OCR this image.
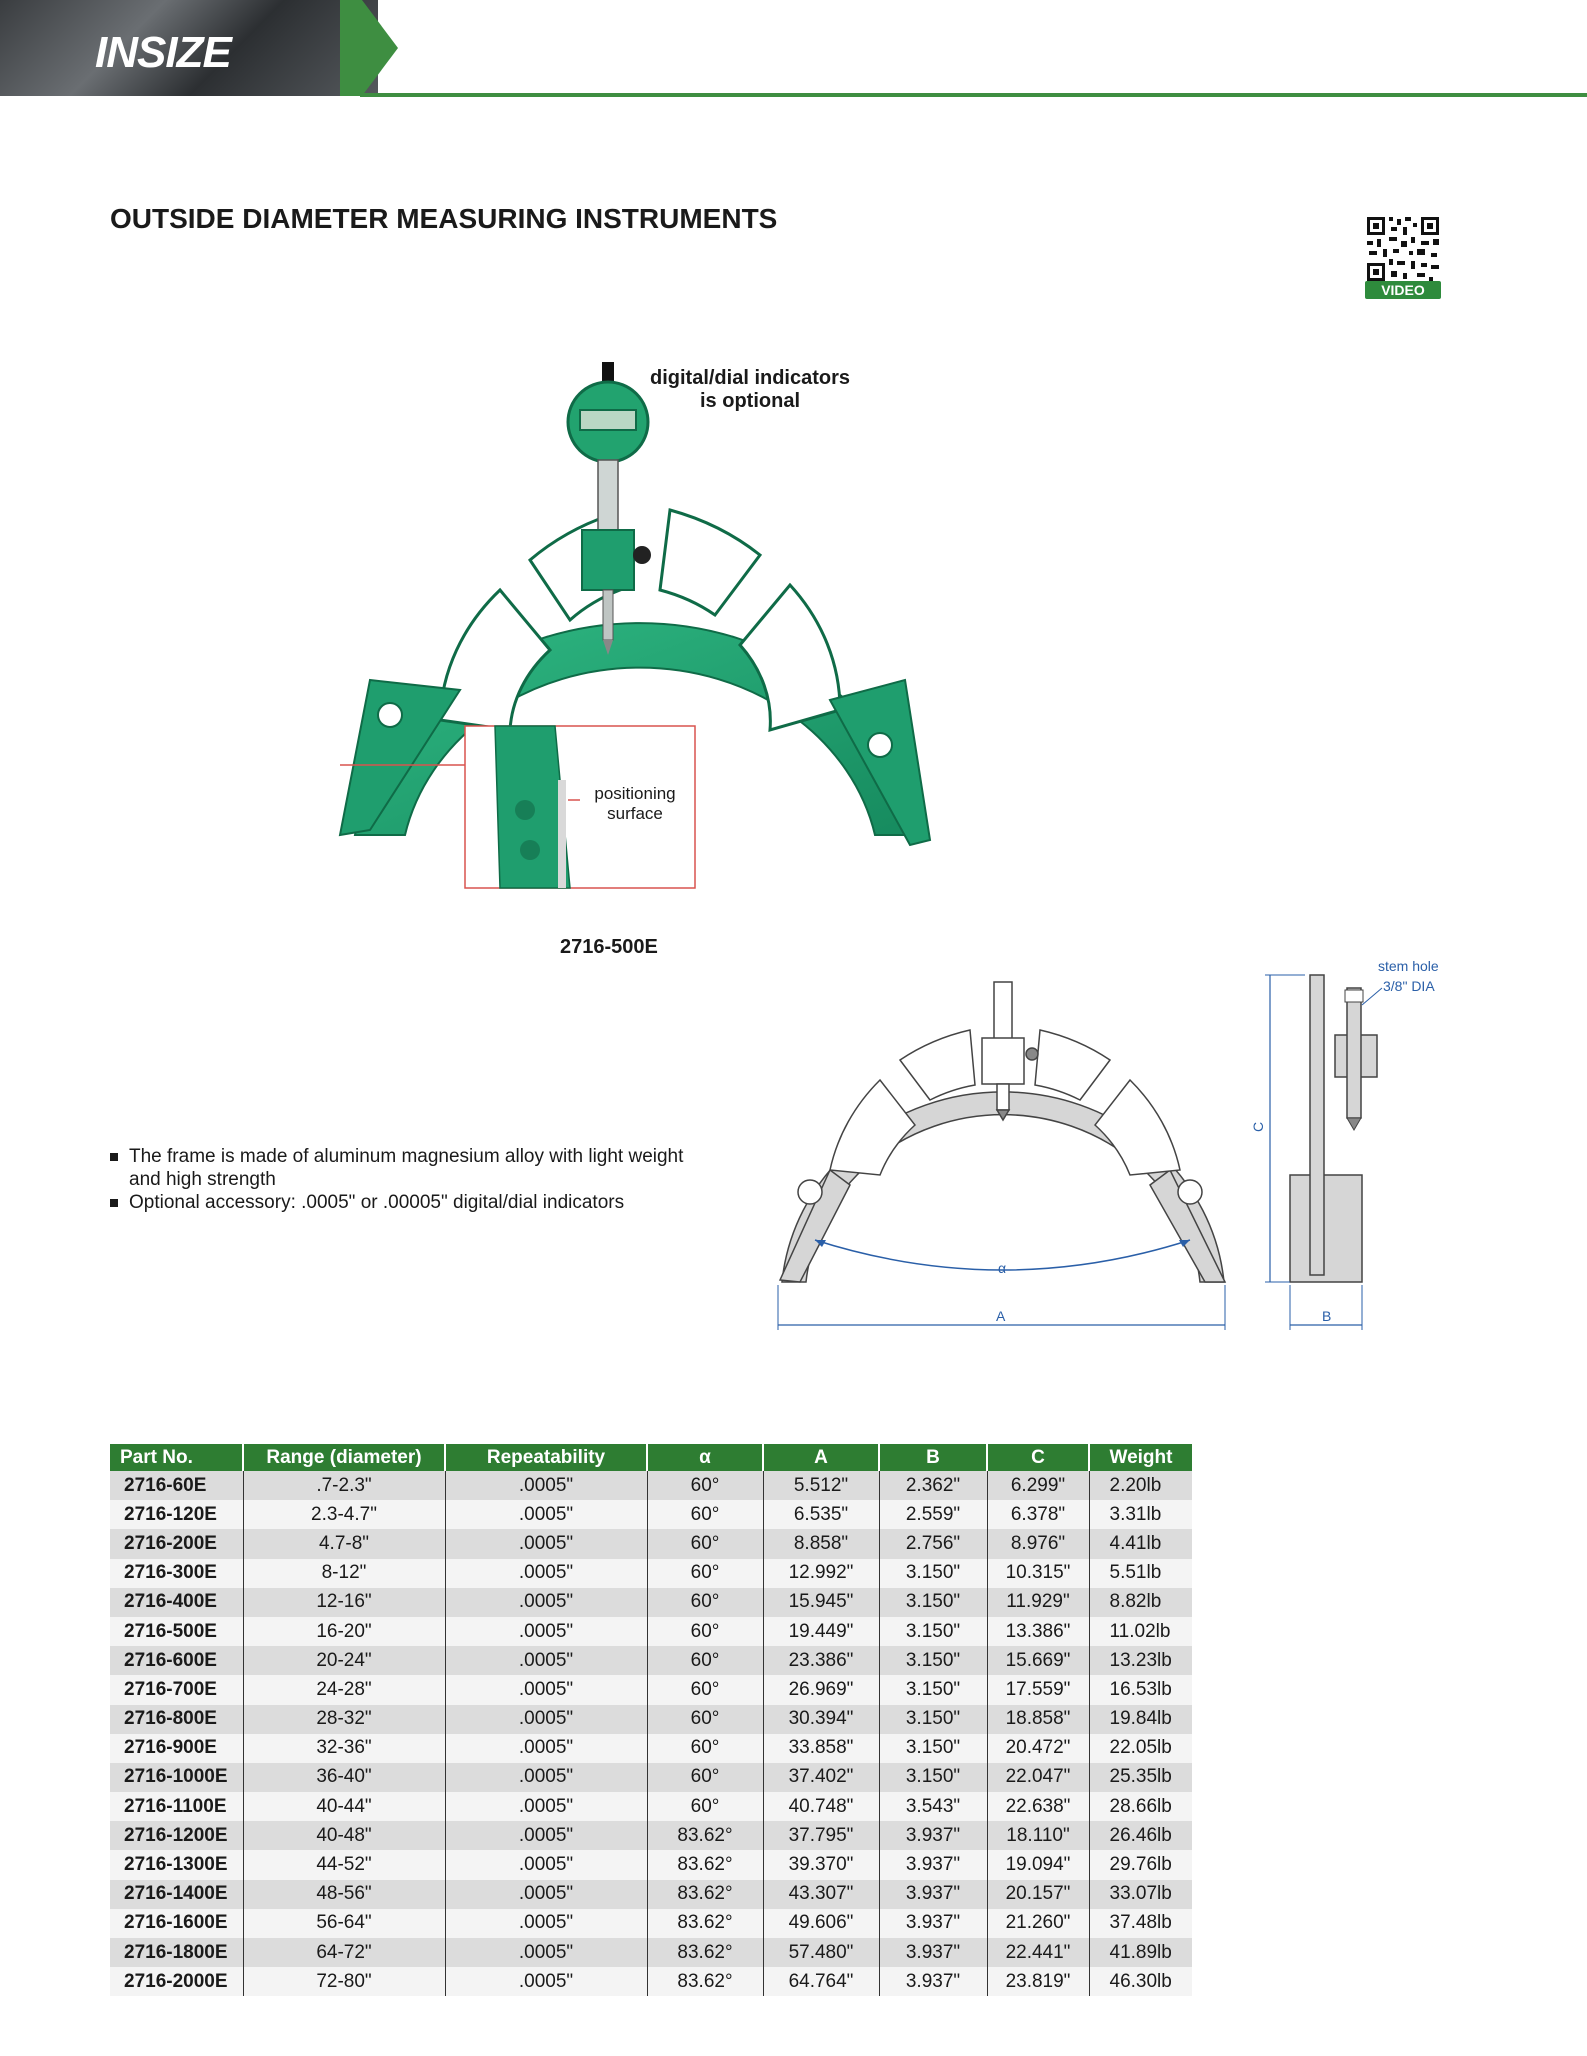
INSIZE
OUTSIDE DIAMETER MEASURING INSTRUMENTS
VIDEO
positioning
surface
digital/dial indicators
is optional
2716-500E
The frame is made of aluminum magnesium alloy with light weight and high strength
Optional accessory: .0005" or .00005" digital/dial indicators
α
A	B
C
stem hole
3/8" DIA
Part No.	Range (diameter)	Repeatability	α	A	B	C	Weight
2716-60E	.7-2.3"	.0005"	60°	5.512"	2.362"	6.299"	2.20lb
2716-120E	2.3-4.7"	.0005"	60°	6.535"	2.559"	6.378"	3.31lb
2716-200E	4.7-8"	.0005"	60°	8.858"	2.756"	8.976"	4.41lb
2716-300E	8-12"	.0005"	60°	12.992"	3.150"	10.315"	5.51lb
2716-400E	12-16"	.0005"	60°	15.945"	3.150"	11.929"	8.82lb
2716-500E	16-20"	.0005"	60°	19.449"	3.150"	13.386"	11.02lb
2716-600E	20-24"	.0005"	60°	23.386"	3.150"	15.669"	13.23lb
2716-700E	24-28"	.0005"	60°	26.969"	3.150"	17.559"	16.53lb
2716-800E	28-32"	.0005"	60°	30.394"	3.150"	18.858"	19.84lb
2716-900E	32-36"	.0005"	60°	33.858"	3.150"	20.472"	22.05lb
2716-1000E	36-40"	.0005"	60°	37.402"	3.150"	22.047"	25.35lb
2716-1100E	40-44"	.0005"	60°	40.748"	3.543"	22.638"	28.66lb
2716-1200E	40-48"	.0005"	83.62°	37.795"	3.937"	18.110"	26.46lb
2716-1300E	44-52"	.0005"	83.62°	39.370"	3.937"	19.094"	29.76lb
2716-1400E	48-56"	.0005"	83.62°	43.307"	3.937"	20.157"	33.07lb
2716-1600E	56-64"	.0005"	83.62°	49.606"	3.937"	21.260"	37.48lb
2716-1800E	64-72"	.0005"	83.62°	57.480"	3.937"	22.441"	41.89lb
2716-2000E	72-80"	.0005"	83.62°	64.764"	3.937"	23.819"	46.30lb
